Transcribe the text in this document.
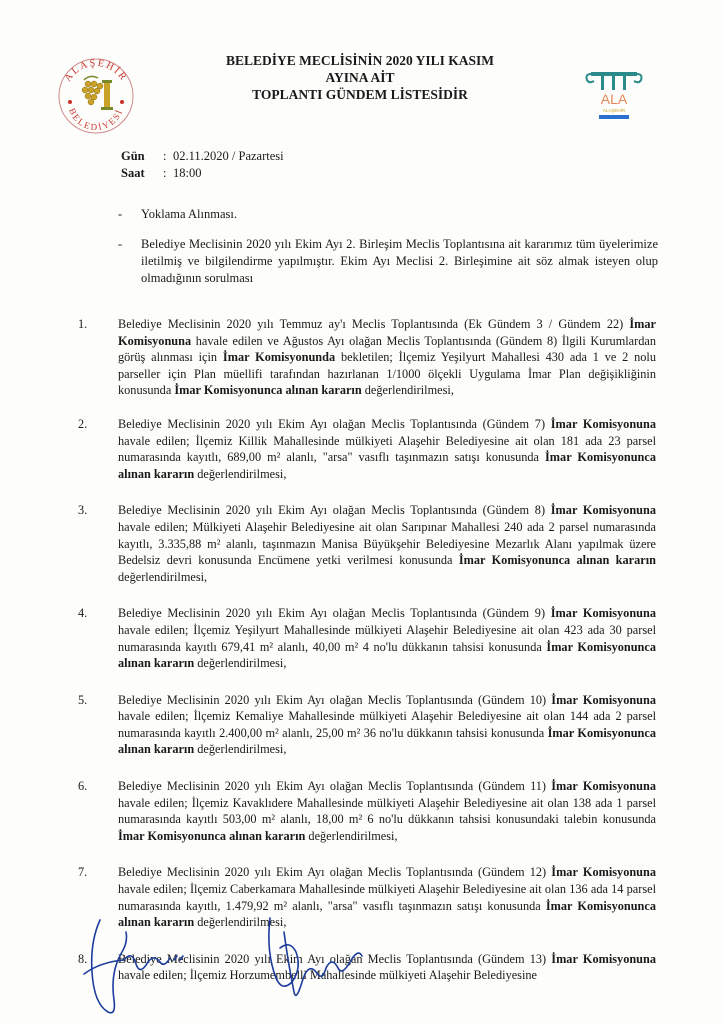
ALAŞEHİR
BELEDİYESİ
ALA
ALAŞEHİR
BELEDİYE MECLİSİNİN 2020 YILI KASIM
AYINA AİT
TOPLANTI GÜNDEM LİSTESİDİR
Gün	: 02.11.2020 / Pazartesi
Saat	: 18:00
- Yoklama Alınması.
- Belediye Meclisinin 2020 yılı Ekim Ayı 2. Birleşim Meclis Toplantısına ait kararımız tüm üyelerimize iletilmiş ve bilgilendirme yapılmıştır. Ekim Ayı Meclisi 2. Birleşimine ait söz almak isteyen olup olmadığının sorulması
1.	Belediye Meclisinin 2020 yılı Temmuz ay'ı Meclis Toplantısında (Ek Gündem 3 / Gündem 22) İmar Komisyonuna havale edilen ve Ağustos Ayı olağan Meclis Toplantısında (Gündem 8) İlgili Kurumlardan görüş alınması için İmar Komisyonunda bekletilen; İlçemiz Yeşilyurt Mahallesi 430 ada 1 ve 2 nolu parseller için Plan müellifi tarafından hazırlanan 1/1000 ölçekli Uygulama İmar Plan değişikliğinin konusunda İmar Komisyonunca alınan kararın değerlendirilmesi,
2.	Belediye Meclisinin 2020 yılı Ekim Ayı olağan Meclis Toplantısında (Gündem 7) İmar Komisyonuna havale edilen; İlçemiz Killik Mahallesinde mülkiyeti Alaşehir Belediyesine ait olan 181 ada 23 parsel numarasında kayıtlı, 689,00 m² alanlı, "arsa" vasıflı taşınmazın satışı konusunda İmar Komisyonunca alınan kararın değerlendirilmesi,
3.	Belediye Meclisinin 2020 yılı Ekim Ayı olağan Meclis Toplantısında (Gündem 8) İmar Komisyonuna havale edilen; Mülkiyeti Alaşehir Belediyesine ait olan Sarıpınar Mahallesi 240 ada 2 parsel numarasında kayıtlı, 3.335,88 m² alanlı, taşınmazın Manisa Büyükşehir Belediyesine Mezarlık Alanı yapılmak üzere Bedelsiz devri konusunda Encümene yetki verilmesi konusunda İmar Komisyonunca alınan kararın değerlendirilmesi,
4.	Belediye Meclisinin 2020 yılı Ekim Ayı olağan Meclis Toplantısında (Gündem 9) İmar Komisyonuna havale edilen; İlçemiz Yeşilyurt Mahallesinde mülkiyeti Alaşehir Belediyesine ait olan 423 ada 30 parsel numarasında kayıtlı 679,41 m² alanlı, 40,00 m² 4 no'lu dükkanın tahsisi konusunda İmar Komisyonunca alınan kararın değerlendirilmesi,
5.	Belediye Meclisinin 2020 yılı Ekim Ayı olağan Meclis Toplantısında (Gündem 10) İmar Komisyonuna havale edilen; İlçemiz Kemaliye Mahallesinde mülkiyeti Alaşehir Belediyesine ait olan 144 ada 2 parsel numarasında kayıtlı 2.400,00 m² alanlı, 25,00 m² 36 no'lu dükkanın tahsisi konusunda İmar Komisyonunca alınan kararın değerlendirilmesi,
6.	Belediye Meclisinin 2020 yılı Ekim Ayı olağan Meclis Toplantısında (Gündem 11) İmar Komisyonuna havale edilen; İlçemiz Kavaklıdere Mahallesinde mülkiyeti Alaşehir Belediyesine ait olan 138 ada 1 parsel numarasında kayıtlı 503,00 m² alanlı, 18,00 m² 6 no'lu dükkanın tahsisi konusundaki talebin konusunda İmar Komisyonunca alınan kararın değerlendirilmesi,
7.	Belediye Meclisinin 2020 yılı Ekim Ayı olağan Meclis Toplantısında (Gündem 12) İmar Komisyonuna havale edilen; İlçemiz Caberkamara Mahallesinde mülkiyeti Alaşehir Belediyesine ait olan 136 ada 14 parsel numarasında kayıtlı, 1.479,92 m² alanlı, "arsa" vasıflı taşınmazın satışı konusunda İmar Komisyonunca alınan kararın değerlendirilmesi,
8.	Belediye Meclisinin 2020 yılı Ekim Ayı olağan Meclis Toplantısında (Gündem 13) İmar Komisyonuna havale edilen; İlçemiz Horzumembelli Mahallesinde mülkiyeti Alaşehir Belediyesine
